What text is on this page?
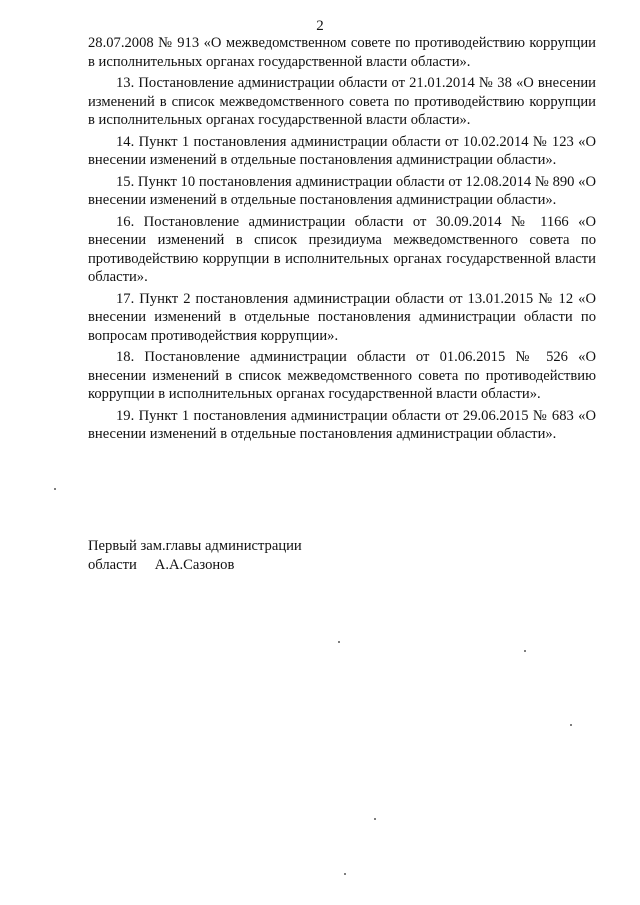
2

28.07.2008 № 913 «О межведомственном совете по противодействию коррупции в исполнительных органах государственной власти области».

13. Постановление администрации области от 21.01.2014 № 38 «О внесении изменений в список межведомственного совета по противодействию коррупции в исполнительных органах государственной власти области».

14. Пункт 1 постановления администрации области от 10.02.2014 № 123 «О внесении изменений в отдельные постановления администрации области».

15. Пункт 10 постановления администрации области от 12.08.2014 № 890 «О внесении изменений в отдельные постановления администрации области».

16. Постановление администрации области от 30.09.2014 № 1166 «О внесении изменений в список президиума межведомственного совета по противодействию коррупции в исполнительных органах государственной власти области».

17. Пункт 2 постановления администрации области от 13.01.2015 № 12 «О внесении изменений в отдельные постановления администрации области по вопросам противодействия коррупции».

18. Постановление администрации области от 01.06.2015 № 526 «О внесении изменений в список межведомственного совета по противодействию коррупции в исполнительных органах государственной власти области».

19. Пункт 1 постановления администрации области от 29.06.2015 № 683 «О внесении изменений в отдельные постановления администрации области».

Первый зам.главы администрации
области А.А.Сазонов
